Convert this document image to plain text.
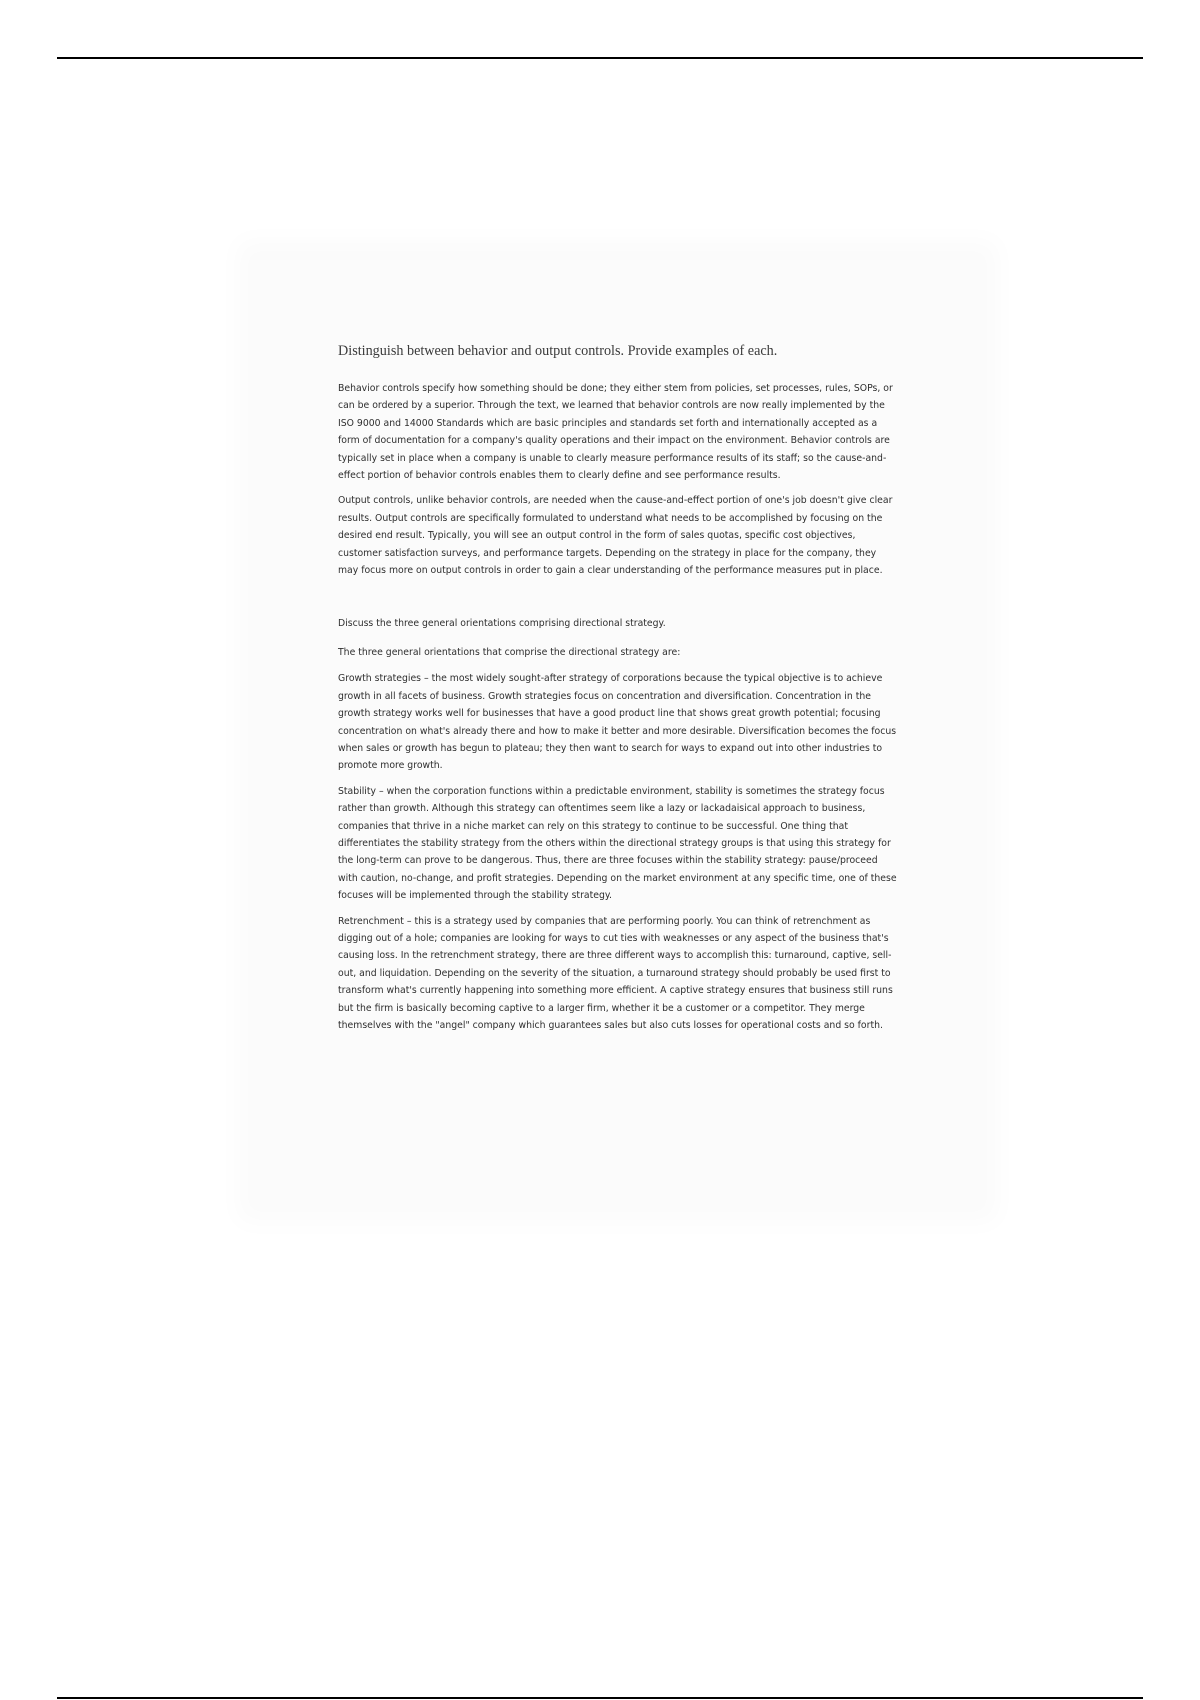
Distinguish between behavior and output controls. Provide examples of each.

Behavior controls specify how something should be done; they either stem from policies, set processes, rules, SOPs, or can be ordered by a superior. Through the text, we learned that behavior controls are now really implemented by the ISO 9000 and 14000 Standards which are basic principles and standards set forth and internationally accepted as a form of documentation for a company's quality operations and their impact on the environment. Behavior controls are typically set in place when a company is unable to clearly measure performance results of its staff; so the cause-and-effect portion of behavior controls enables them to clearly define and see performance results.

Output controls, unlike behavior controls, are needed when the cause-and-effect portion of one's job doesn't give clear results. Output controls are specifically formulated to understand what needs to be accomplished by focusing on the desired end result. Typically, you will see an output control in the form of sales quotas, specific cost objectives, customer satisfaction surveys, and performance targets. Depending on the strategy in place for the company, they may focus more on output controls in order to gain a clear understanding of the performance measures put in place.

Discuss the three general orientations comprising directional strategy.

The three general orientations that comprise the directional strategy are:

Growth strategies – the most widely sought-after strategy of corporations because the typical objective is to achieve growth in all facets of business. Growth strategies focus on concentration and diversification. Concentration in the growth strategy works well for businesses that have a good product line that shows great growth potential; focusing concentration on what's already there and how to make it better and more desirable. Diversification becomes the focus when sales or growth has begun to plateau; they then want to search for ways to expand out into other industries to promote more growth.

Stability – when the corporation functions within a predictable environment, stability is sometimes the strategy focus rather than growth. Although this strategy can oftentimes seem like a lazy or lackadaisical approach to business, companies that thrive in a niche market can rely on this strategy to continue to be successful. One thing that differentiates the stability strategy from the others within the directional strategy groups is that using this strategy for the long-term can prove to be dangerous. Thus, there are three focuses within the stability strategy: pause/proceed with caution, no-change, and profit strategies. Depending on the market environment at any specific time, one of these focuses will be implemented through the stability strategy.

Retrenchment – this is a strategy used by companies that are performing poorly. You can think of retrenchment as digging out of a hole; companies are looking for ways to cut ties with weaknesses or any aspect of the business that's causing loss. In the retrenchment strategy, there are three different ways to accomplish this: turnaround, captive, sell-out, and liquidation. Depending on the severity of the situation, a turnaround strategy should probably be used first to transform what's currently happening into something more efficient. A captive strategy ensures that business still runs but the firm is basically becoming captive to a larger firm, whether it be a customer or a competitor. They merge themselves with the "angel" company which guarantees sales but also cuts losses for operational costs and so forth.
